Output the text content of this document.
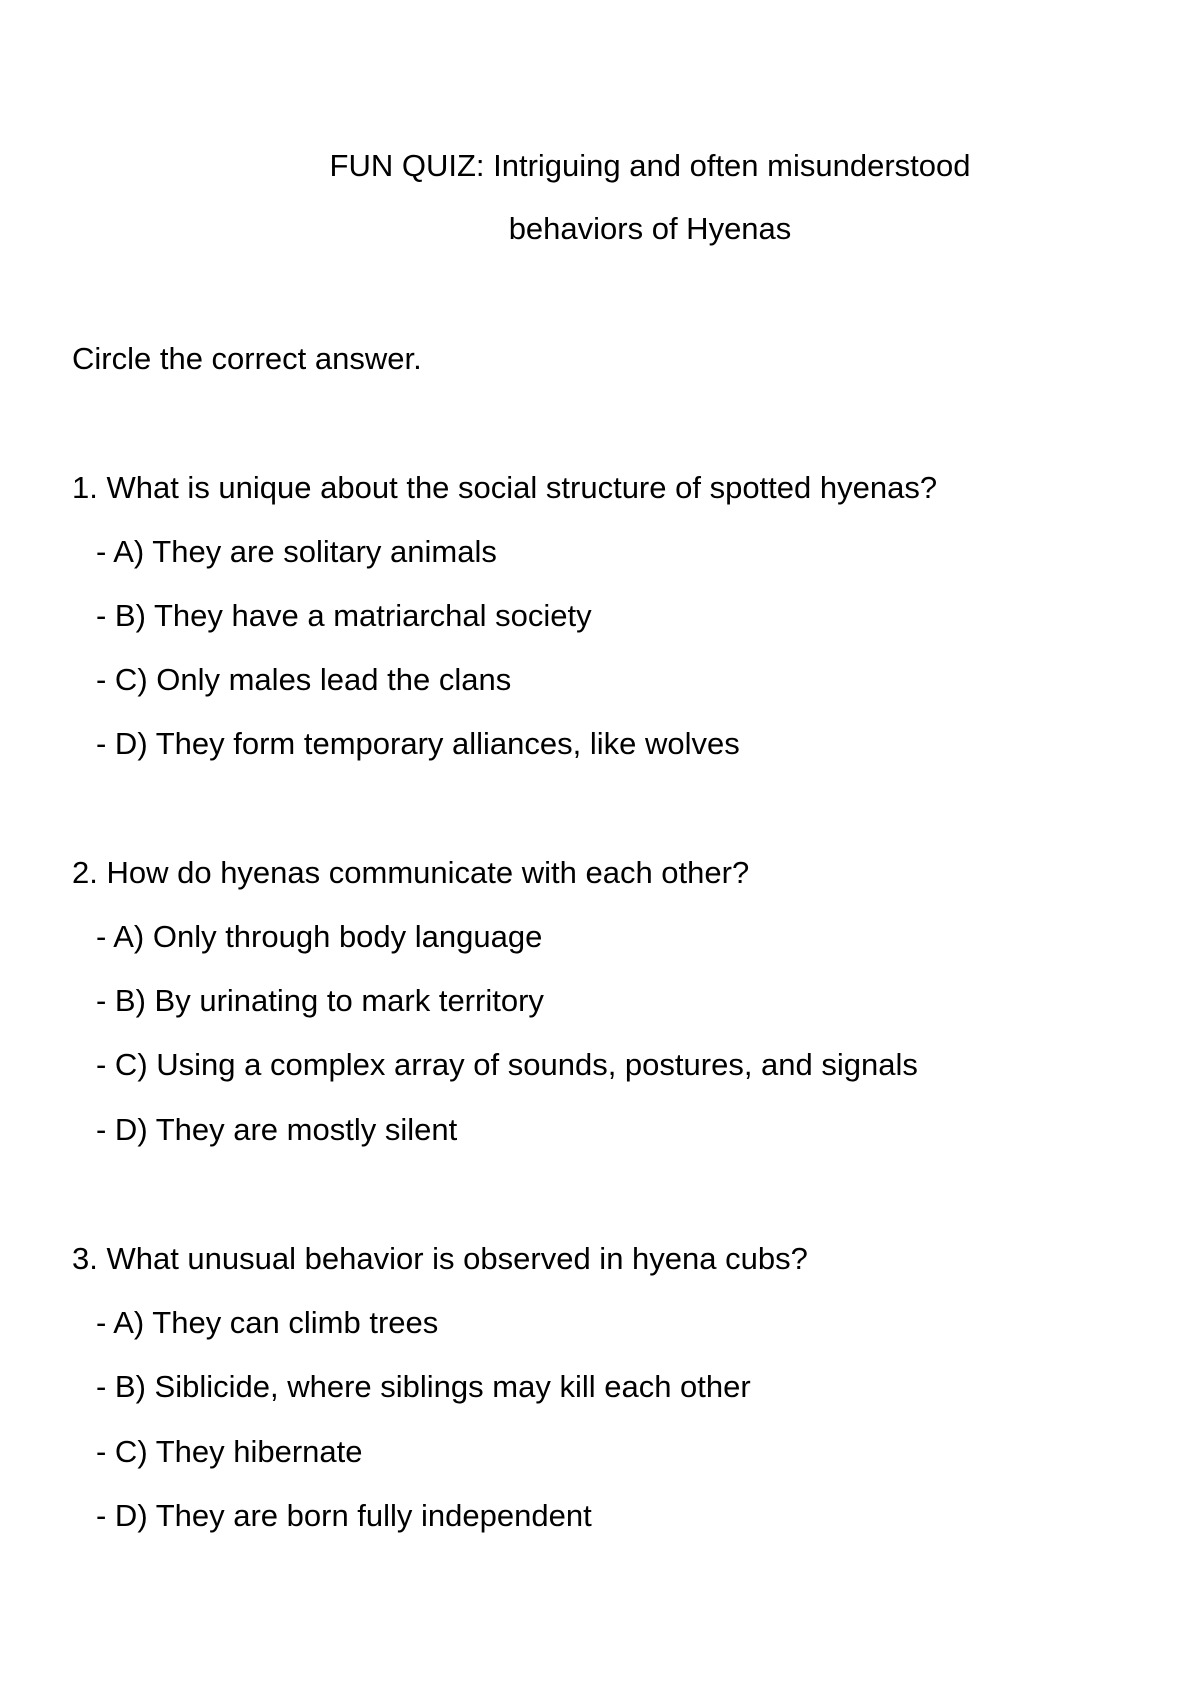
FUN QUIZ: Intriguing and often misunderstood
behaviors of Hyenas
Circle the correct answer.
1. What is unique about the social structure of spotted hyenas?
- A) They are solitary animals
- B) They have a matriarchal society
- C) Only males lead the clans
- D) They form temporary alliances, like wolves
2. How do hyenas communicate with each other?
- A) Only through body language
- B) By urinating to mark territory
- C) Using a complex array of sounds, postures, and signals
- D) They are mostly silent
3. What unusual behavior is observed in hyena cubs?
- A) They can climb trees
- B) Siblicide, where siblings may kill each other
- C) They hibernate
- D) They are born fully independent
